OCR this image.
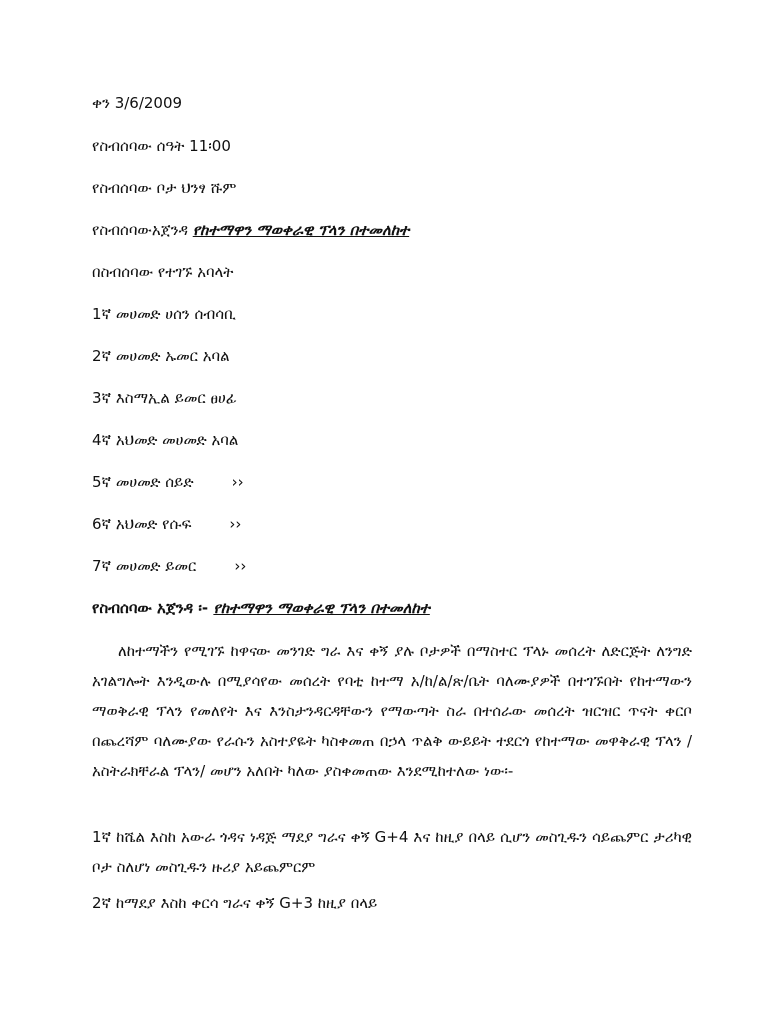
ቀን 3/6/2009
የስብሰባው ሰዓት 11፡00
የስብሰባው ቦታ ህንፃ ሹም
የስብሰባውአጀንዳ የከተማዋን ማወቀራዊ ፕላን በተመለከተ
በስብሰባው የተገኙ አባላት
1ኛ መሀመድ ሀሰን ሰብሳቢ
2ኛ መሀመድ ኡመር አባል
3ኛ እስማኢል ይመር ፀሀፊ
4ኛ አህመድ መሀመድ አባል
5ኛ መሀመድ ሰይድ	››
6ኛ አህመድ የሱፍ	››
7ኛ መሀመድ ይመር	››
የስብሰባው አጀንዳ ፡- የከተማዋን ማወቀራዊ ፕላን በተመለከተ
ለከተማችን የሚገኙ ከዋናው መንገድ ግራ እና ቀኝ ያሉ ቦታዎች በማስተር ፕላኑ መሰረት ለድርጅት ለንግድ አገልግሎት እንዲውሉ በሚያሳየው መሰረት የባቲ ከተማ አ/ከ/ል/ጽ/ቤት ባለሙያዎች በተገኙበት የከተማውን ማወቅራዊ ፕላን የመለየት እና እንስታንዳርዳቸውን የማውጣት ስራ በተሰራው መሰረት ዝርዝር ጥናት ቀርቦ በጨረሻም ባለሙያው የራሱን አስተያዬት ካስቀመጠ በኃላ ጥልቅ ውይይት ተደርጎ የከተማው መዋቅራዊ ፕላን /አስትራክቸራል ፕላን/ መሆን አለበት ካለው ያስቀመጠው እንደሚከተለው ነው፡-
1ኛ ከሼል እስከ አውራ ጎዳና ነዳጅ ማደያ ግራና ቀኝ G+4 እና ከዚያ በላይ ሲሆን መስጊዱን ሳይጨምር ታሪካዊ ቦታ ስለሆነ መስጊዱን ዙሪያ አይጨምርም
2ኛ ከማደያ እስከ ቀርሳ ግራና ቀኝ G+3 ከዚያ በላይ
